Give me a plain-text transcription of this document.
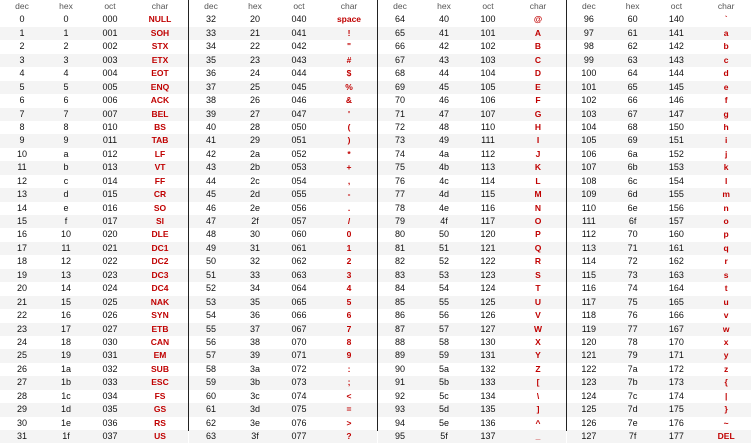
dec	hex	oct	char
0	0	000	NULL
1	1	001	SOH
2	2	002	STX
3	3	003	ETX
4	4	004	EOT
5	5	005	ENQ
6	6	006	ACK
7	7	007	BEL
8	8	010	BS
9	9	011	TAB
10	a	012	LF
11	b	013	VT
12	c	014	FF
13	d	015	CR
14	e	016	SO
15	f	017	SI
16	10	020	DLE
17	11	021	DC1
18	12	022	DC2
19	13	023	DC3
20	14	024	DC4
21	15	025	NAK
22	16	026	SYN
23	17	027	ETB
24	18	030	CAN
25	19	031	EM
26	1a	032	SUB
27	1b	033	ESC
28	1c	034	FS
29	1d	035	GS
30	1e	036	RS
31	1f	037	US
dec	hex	oct	char
32	20	040	space
33	21	041	!
34	22	042	"
35	23	043	#
36	24	044	$
37	25	045	%
38	26	046	&
39	27	047	'
40	28	050	(
41	29	051	)
42	2a	052	*
43	2b	053	+
44	2c	054	,
45	2d	055	-
46	2e	056	.
47	2f	057	/
48	30	060	0
49	31	061	1
50	32	062	2
51	33	063	3
52	34	064	4
53	35	065	5
54	36	066	6
55	37	067	7
56	38	070	8
57	39	071	9
58	3a	072	:
59	3b	073	;
60	3c	074	<
61	3d	075	=
62	3e	076	>
63	3f	077	?
dec	hex	oct	char
64	40	100	@
65	41	101	A
66	42	102	B
67	43	103	C
68	44	104	D
69	45	105	E
70	46	106	F
71	47	107	G
72	48	110	H
73	49	111	I
74	4a	112	J
75	4b	113	K
76	4c	114	L
77	4d	115	M
78	4e	116	N
79	4f	117	O
80	50	120	P
81	51	121	Q
82	52	122	R
83	53	123	S
84	54	124	T
85	55	125	U
86	56	126	V
87	57	127	W
88	58	130	X
89	59	131	Y
90	5a	132	Z
91	5b	133	[
92	5c	134	\
93	5d	135	]
94	5e	136	^
95	5f	137	_
dec	hex	oct	char
96	60	140	`
97	61	141	a
98	62	142	b
99	63	143	c
100	64	144	d
101	65	145	e
102	66	146	f
103	67	147	g
104	68	150	h
105	69	151	i
106	6a	152	j
107	6b	153	k
108	6c	154	l
109	6d	155	m
110	6e	156	n
111	6f	157	o
112	70	160	p
113	71	161	q
114	72	162	r
115	73	163	s
116	74	164	t
117	75	165	u
118	76	166	v
119	77	167	w
120	78	170	x
121	79	171	y
122	7a	172	z
123	7b	173	{
124	7c	174	|
125	7d	175	}
126	7e	176	~
127	7f	177	DEL
